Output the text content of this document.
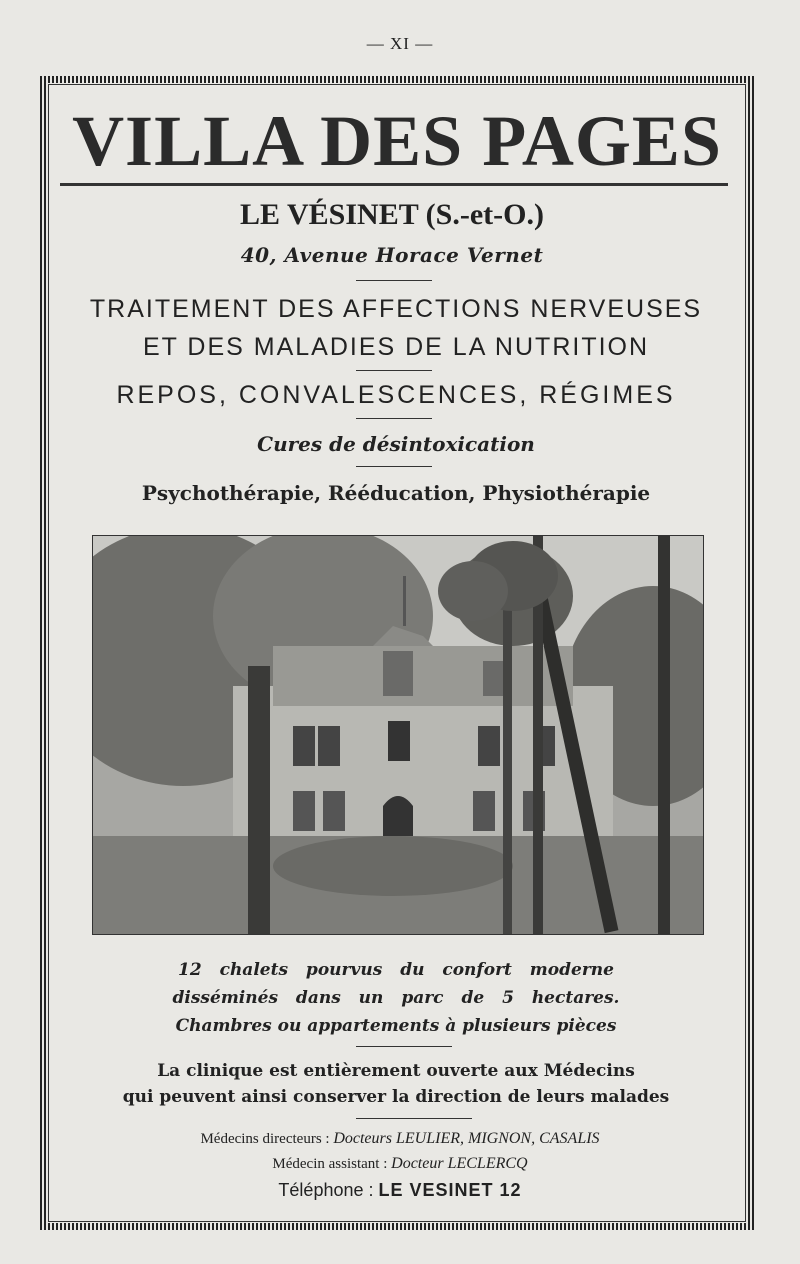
— XI —
VILLA DES PAGES
LE VÉSINET (S.-et-O.)
40, Avenue Horace Vernet
TRAITEMENT DES AFFECTIONS NERVEUSES
ET DES MALADIES DE LA NUTRITION
REPOS, CONVALESCENCES, RÉGIMES
Cures de désintoxication
Psychothérapie, Rééducation, Physiothérapie
12 chalets pourvus du confort moderne
disséminés dans un parc de 5 hectares.
Chambres ou appartements à plusieurs pièces
La clinique est entièrement ouverte aux Médecins
qui peuvent ainsi conserver la direction de leurs malades
Médecins directeurs : Docteurs LEULIER, MIGNON, CASALIS
Médecin assistant : Docteur LECLERCQ
Téléphone : LE VESINET 12
